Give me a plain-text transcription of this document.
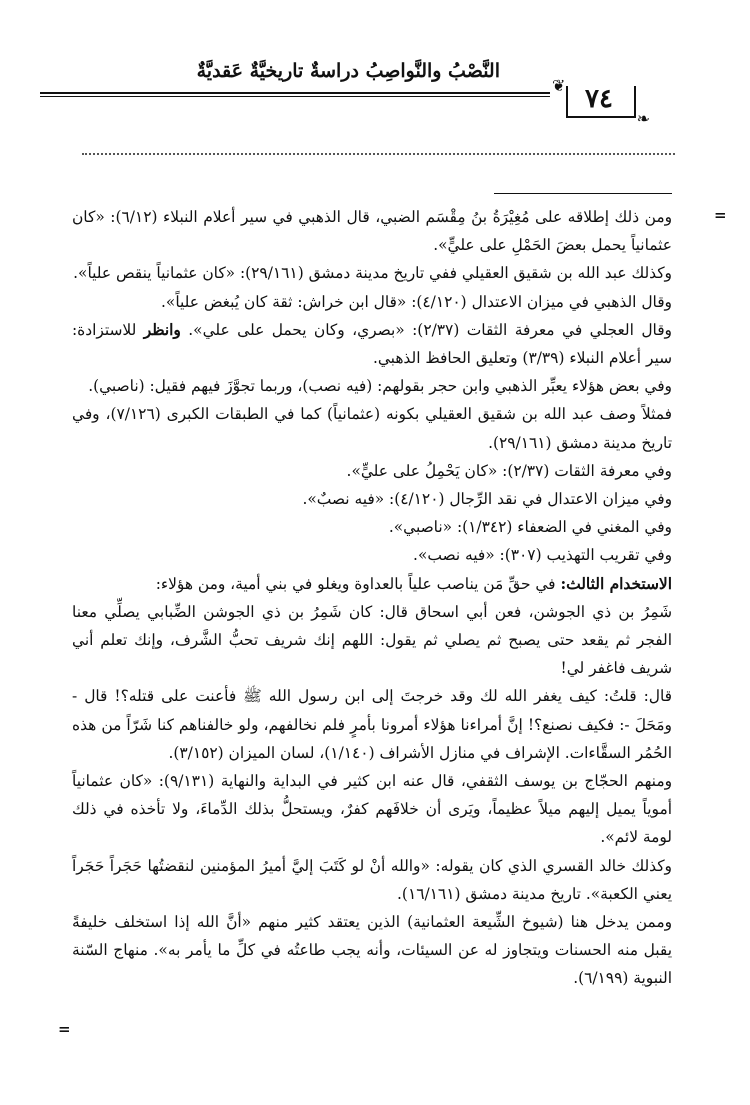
النَّصْبُ والنَّواصِبُ دراسةٌ تاريخيَّةٌ عَقديَّةٌ
❦
❧
٧٤
=
=

ومن ذلك إطلاقه على مُغِيْرَةُ بنُ مِقْسَم الضبي، قال الذهبي في سير أعلام النبلاء (٦/١٢): «كان عثمانياً يحمل بعضَ الحَمْلِ على عليٍّ».

وكذلك عبد الله بن شقيق العقيلي ففي تاريخ مدينة دمشق (٢٩/١٦١): «كان عثمانياً ينقص علياً».

وقال الذهبي في ميزان الاعتدال (٤/١٢٠): «قال ابن خراش: ثقة كان يُبغض علياً».

وقال العجلي في معرفة الثقات (٢/٣٧): «بصري، وكان يحمل على علي». وانظر للاستزادة: سير أعلام النبلاء (٣/٣٩) وتعليق الحافظ الذهبي.

وفي بعض هؤلاء يعبِّر الذهبي وابن حجر بقولهم: (فيه نصب)، وربما تجوَّزَ فيهم فقيل: (ناصبي).

فمثلاً وصف عبد الله بن شقيق العقيلي بكونه (عثمانياً) كما في الطبقات الكبرى (٧/١٢٦)، وفي تاريخ مدينة دمشق (٢٩/١٦١).

وفي معرفة الثقات (٢/٣٧): «كان يَحْمِلُ على عليٍّ».

وفي ميزان الاعتدال في نقد الرِّجال (٤/١٢٠): «فيه نصبٌ».

وفي المغني في الضعفاء (١/٣٤٢): «ناصبي».

وفي تقريب التهذيب (٣٠٧): «فيه نصب».

الاستخدام الثالث: في حقِّ مَن يناصب علياً بالعداوة ويغلو في بني أمية، ومن هؤلاء:

شَمِرُ بن ذي الجوشن، فعن أبي اسحاق قال: كان شَمِرُ بن ذي الجوشن الضِّبابي يصلِّي معنا الفجر ثم يقعد حتى يصبح ثم يصلي ثم يقول: اللهم إنك شريف تحبُّ الشَّرف، وإنك تعلم أني شريف فاغفر لي!

قال: قلتُ: كيف يغفر الله لك وقد خرجتَ إلى ابن رسول الله ﷺ فأعنت على قتله؟! قال - ومَحَلَ -: فكيف نصنع؟! إنَّ أمراءنا هؤلاء أمرونا بأمرٍ فلم نخالفهم، ولو خالفناهم كنا شَرّاً من هذه الحُمُر السقَّاءات. الإشراف في منازل الأشراف (١/١٤٠)، لسان الميزان (٣/١٥٢).

ومنهم الحجّاج بن يوسف الثقفي، قال عنه ابن كثير في البداية والنهاية (٩/١٣١): «كان عثمانياً أموياً يميل إليهم ميلاً عظيماً، ويَرى أن خلافَهم كفرٌ، ويستحلُّ بذلك الدِّماءَ، ولا تأخذه في ذلك لومة لائم».

وكذلك خالد القسري الذي كان يقوله: «والله أنْ لو كَتَبَ إليَّ أميرُ المؤمنين لنقضتُها حَجَراً حَجَراً يعني الكعبة». تاريخ مدينة دمشق (١٦/١٦١).

وممن يدخل هنا (شيوخ الشِّيعة العثمانية) الذين يعتقد كثير منهم «أنَّ الله إذا استخلف خليفةً يقبل منه الحسنات ويتجاوز له عن السيئات، وأنه يجب طاعتُه في كلِّ ما يأمر به». منهاج السّنة النبوية (٦/١٩٩).
